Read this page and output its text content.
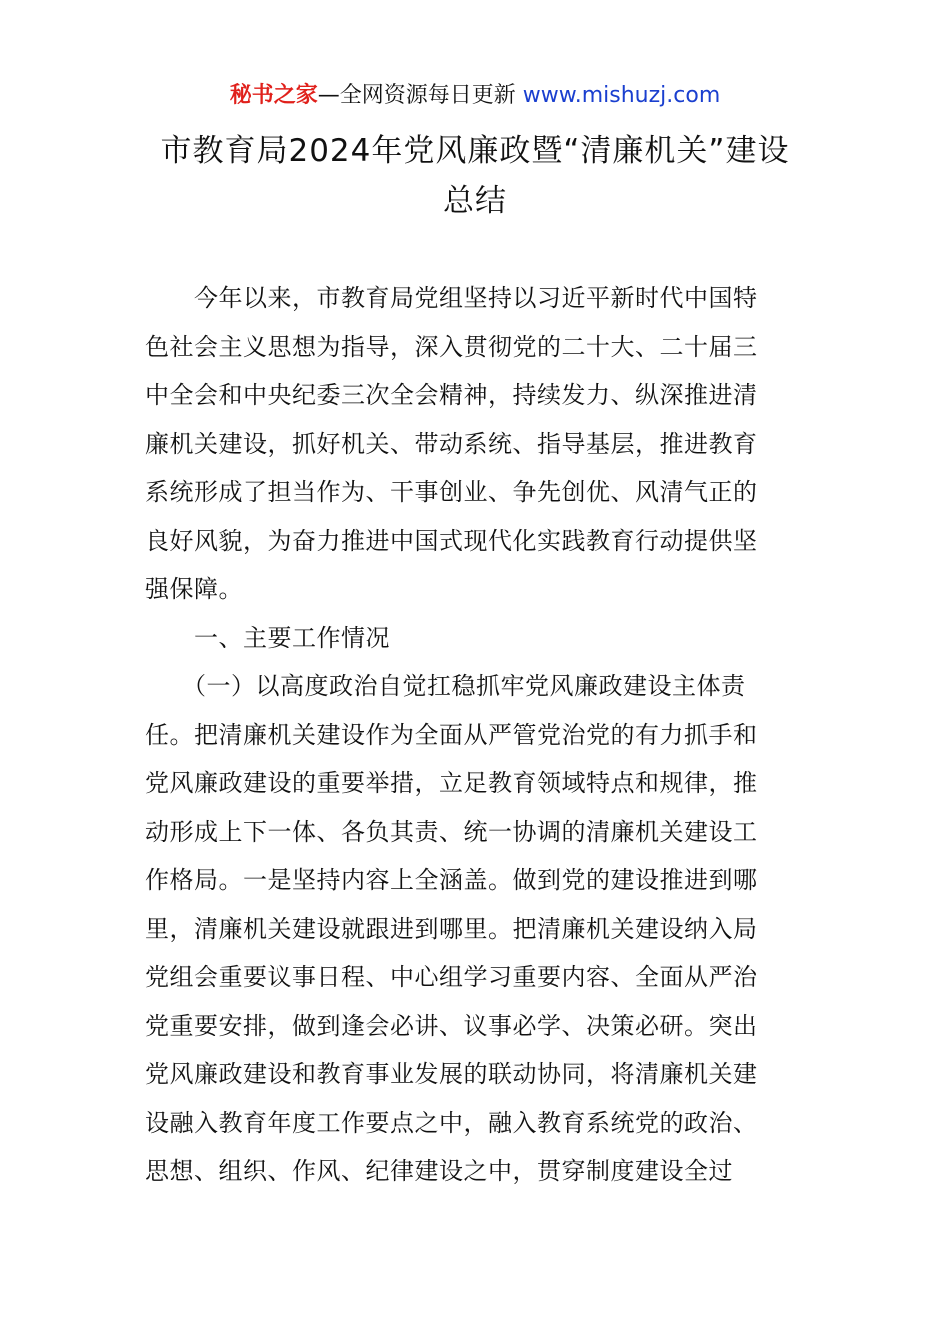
秘书之家—全网资源每日更新 www.mishuzj.com
市教育局2024年党风廉政暨“清廉机关”建设
总结
　　今年以来，市教育局党组坚持以习近平新时代中国特
色社会主义思想为指导，深入贯彻党的二十大、二十届三
中全会和中央纪委三次全会精神，持续发力、纵深推进清
廉机关建设，抓好机关、带动系统、指导基层，推进教育
系统形成了担当作为、干事创业、争先创优、风清气正的
良好风貌，为奋力推进中国式现代化实践教育行动提供坚
强保障。
　　一、主要工作情况
　　（一）以高度政治自觉扛稳抓牢党风廉政建设主体责
任。把清廉机关建设作为全面从严管党治党的有力抓手和
党风廉政建设的重要举措，立足教育领域特点和规律，推
动形成上下一体、各负其责、统一协调的清廉机关建设工
作格局。一是坚持内容上全涵盖。做到党的建设推进到哪
里，清廉机关建设就跟进到哪里。把清廉机关建设纳入局
党组会重要议事日程、中心组学习重要内容、全面从严治
党重要安排，做到逢会必讲、议事必学、决策必研。突出
党风廉政建设和教育事业发展的联动协同，将清廉机关建
设融入教育年度工作要点之中，融入教育系统党的政治、
思想、组织、作风、纪律建设之中，贯穿制度建设全过
